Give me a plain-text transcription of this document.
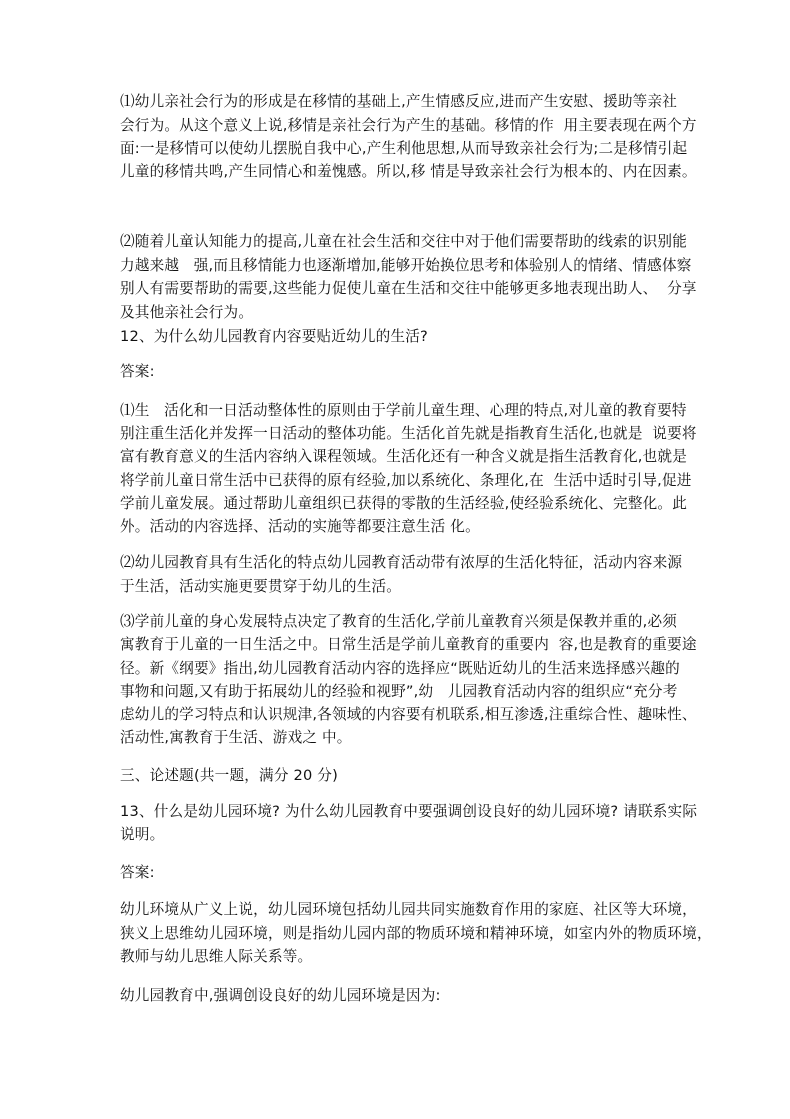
⑴幼儿亲社会行为的形成是在移情的基础上,产生情感反应,进而产生安慰、援助等亲社
会行为。从这个意义上说,移情是亲社会行为产生的基础。移情的作  用主要表现在两个方
面:一是移情可以使幼儿摆脱自我中心,产生利他思想,从而导致亲社会行为;二是移情引起
儿童的移情共鸣,产生同情心和羞愧感。所以,移 情是导致亲社会行为根本的、内在因素。
⑵随着儿童认知能力的提高,儿童在社会生活和交往中对于他们需要帮助的线索的识别能
力越来越   强,而且移情能力也逐渐增加,能够开始换位思考和体验别人的情绪、情感体察
别人有需要帮助的需要,这些能力促使儿童在生活和交往中能够更多地表现出助人、  分享
及其他亲社会行为。
12、为什么幼儿园教育内容要贴近幼儿的生活?
答案:
⑴生   活化和一日活动整体性的原则由于学前儿童生理、心理的特点,对儿童的教育要特
别注重生活化并发挥一日活动的整体功能。生活化首先就是指教育生活化,也就是  说要将
富有教育意义的生活内容纳入课程领域。生活化还有一种含义就是指生活教育化,也就是
将学前儿童日常生活中已获得的原有经验,加以系统化、条理化,在  生活中适时引导,促进
学前儿童发展。通过帮助儿童组织已获得的零散的生活经验,使经验系统化、完整化。此
外。活动的内容选择、活动的实施等都要注意生活 化。
⑵幼儿园教育具有生活化的特点幼儿园教育活动带有浓厚的生活化特征，活动内容来源
于生活，活动实施更要贯穿于幼儿的生活。
⑶学前儿童的身心发展特点决定了教育的生活化,学前儿童教育兴须是保教并重的,必须
寓教育于儿童的一日生活之中。日常生活是学前儿童教育的重要内  容,也是教育的重要途
径。新《纲要》指出,幼儿园教育活动内容的选择应“既贴近幼儿的生活来选择感兴趣的
事物和问题,又有助于拓展幼儿的经验和视野”,幼   儿园教育活动内容的组织应“充分考
虑幼儿的学习特点和认识规津,各领域的内容要有机联系,相互渗透,注重综合性、趣味性、
活动性,寓教育于生活、游戏之 中。
三、论述题(共一题，满分 20 分)
13、什么是幼儿园环境? 为什么幼儿园教育中要强调创设良好的幼儿园环境? 请联系实际
说明。
答案:
幼儿环境从广义上说，幼儿园环境包括幼儿园共同实施数育作用的家庭、社区等大环境，
狭义上思维幼儿园环境，则是指幼儿园内部的物质环境和精神环境，如室内外的物质环境，
教师与幼儿思维人际关系等。
幼儿园教育中,强调创设良好的幼儿园环境是因为:
